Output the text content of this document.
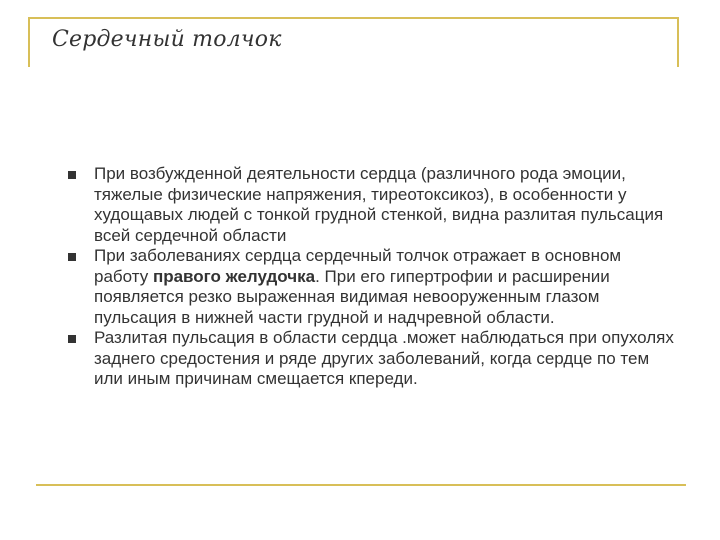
Сердечный толчок
При возбужденной деятельности сердца (различного рода эмоции, тяжелые физические напряжения, тиреотоксикоз), в особенности у худощавых людей с тонкой грудной стенкой, видна разлитая пульсация всей сердечной области
При заболеваниях сердца сердечный толчок отражает в основном работу правого желудочка. При его гипертрофии и расширении появляется резко выраженная видимая невооруженным глазом пульсация в нижней части грудной и надчревной области.
Разлитая пульсация в области сердца .может наблюдаться при опухолях заднего средостения и ряде других заболеваний, когда сердце по тем или иным причинам смещается кпереди.
